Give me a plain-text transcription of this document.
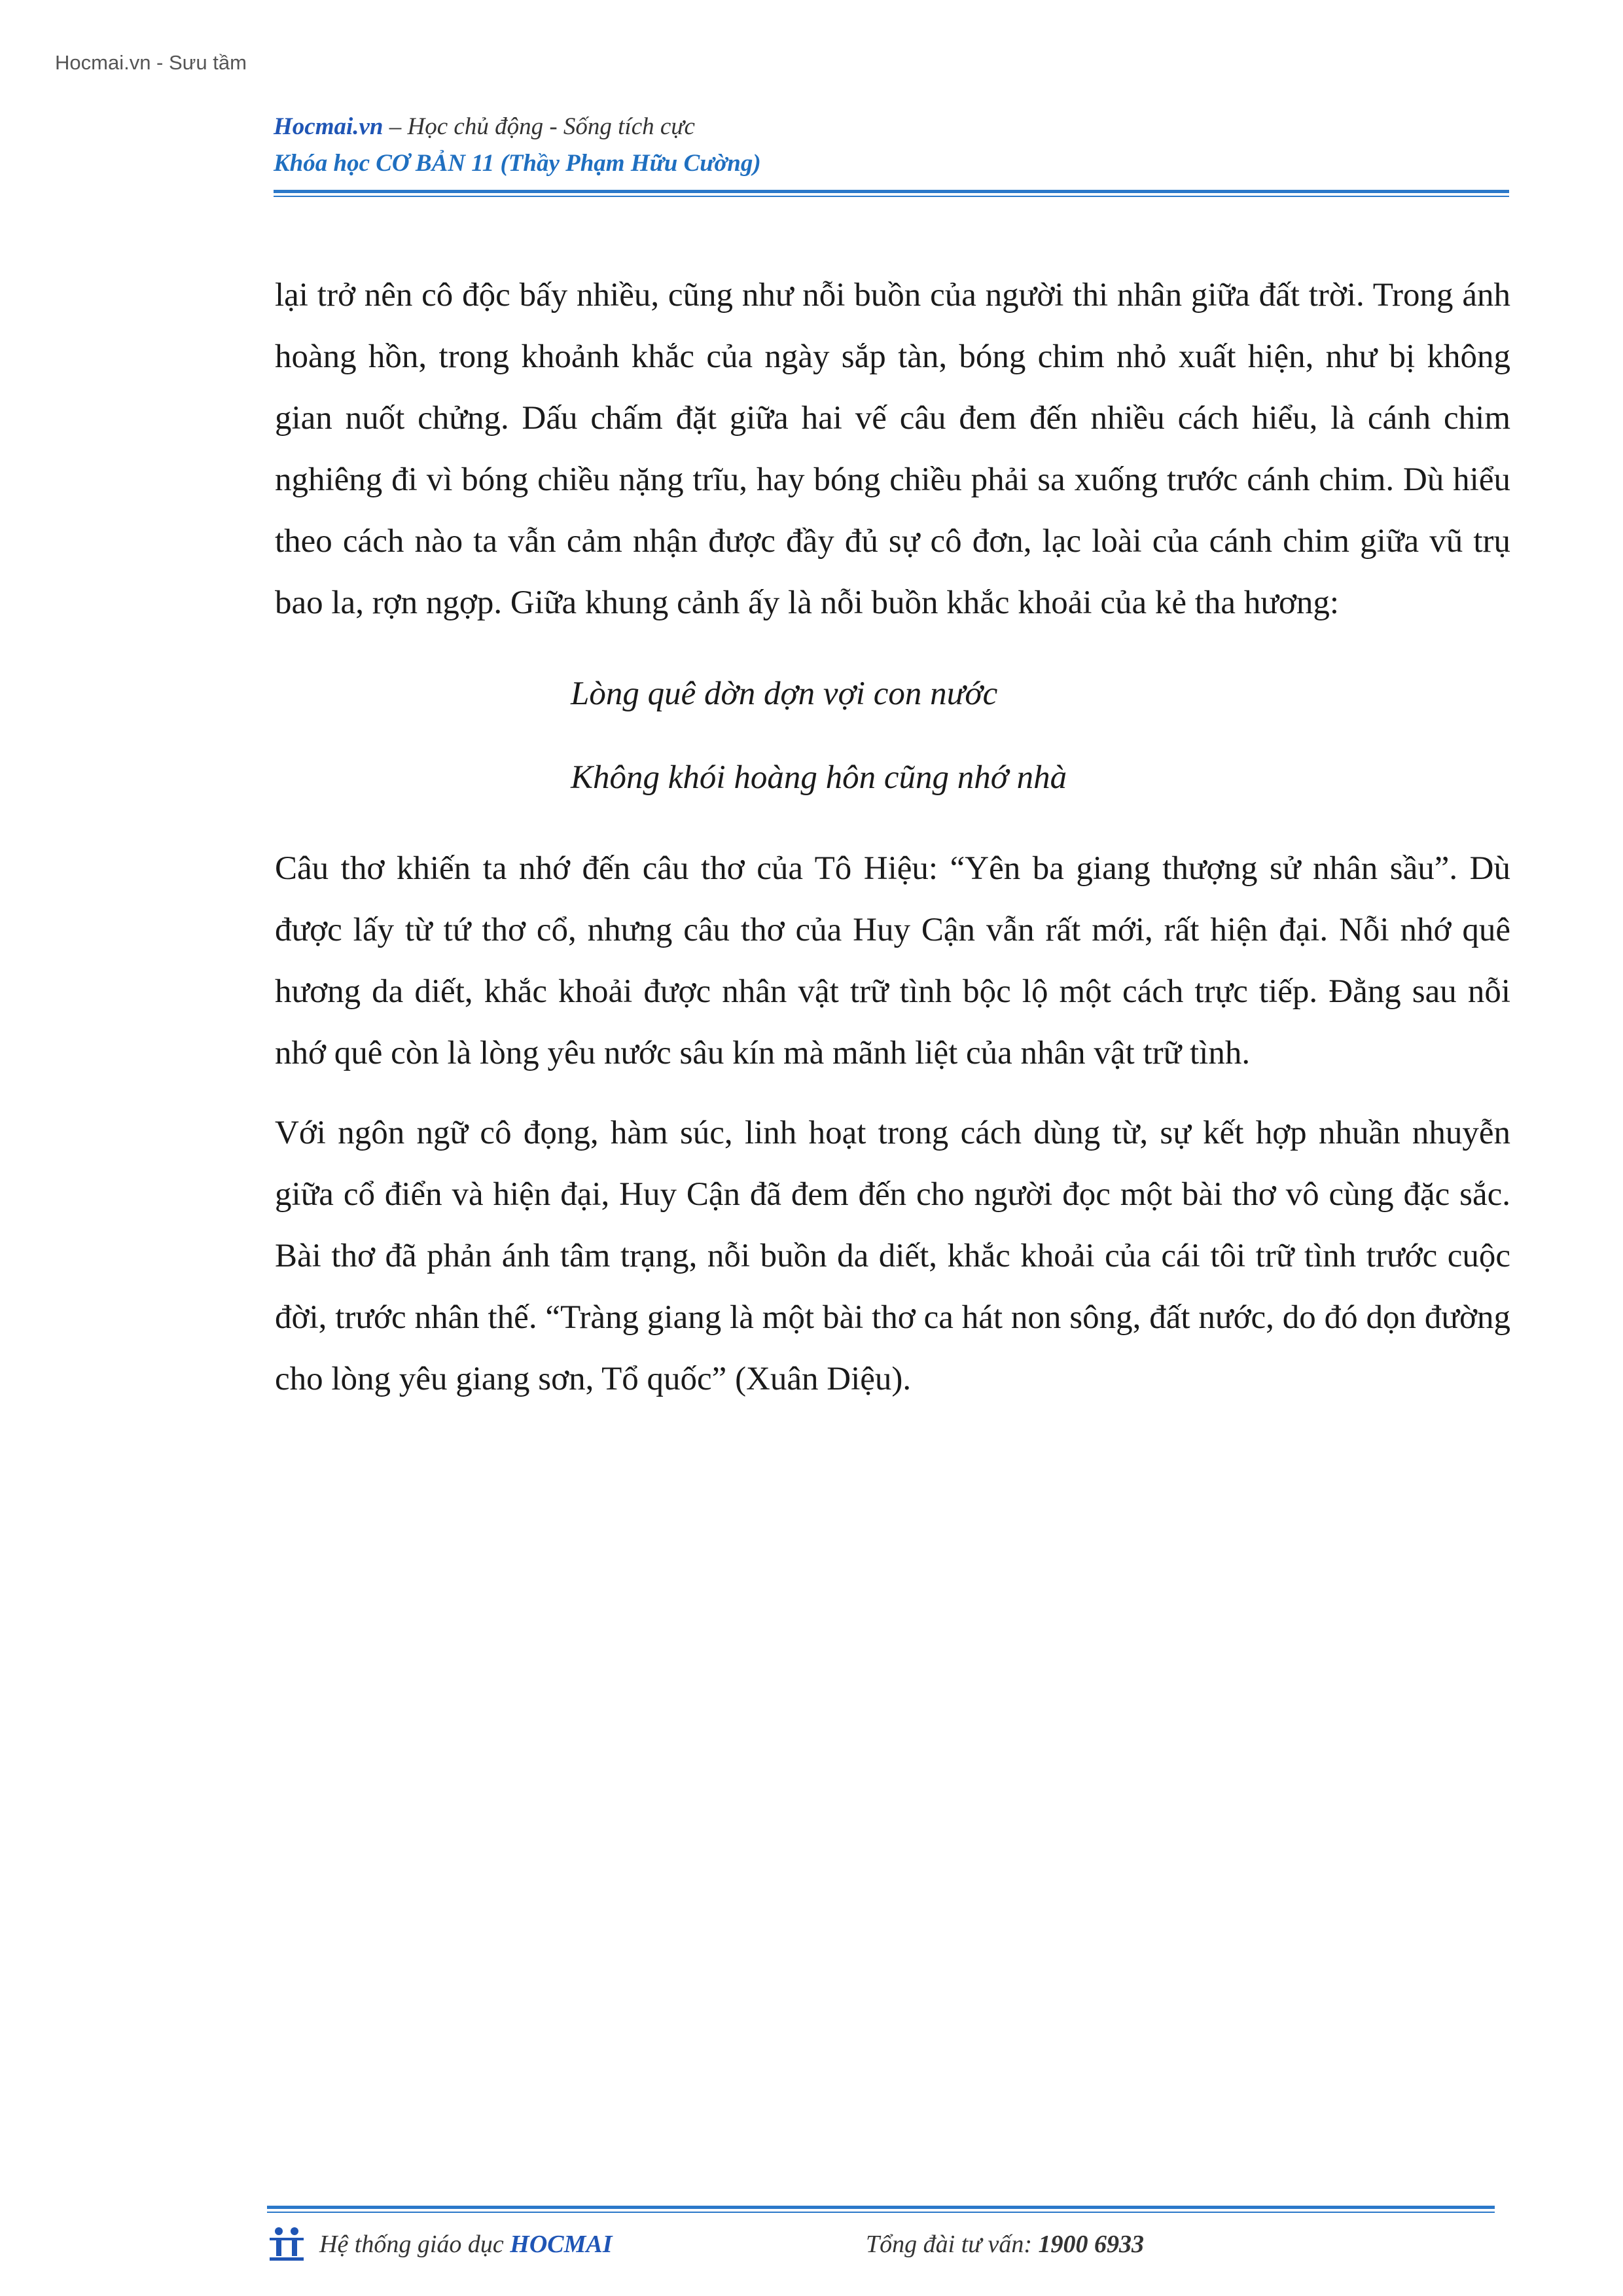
Hocmai.vn - Sưu tầm
Hocmai.vn – Học chủ động - Sống tích cực
Khóa học CƠ BẢN 11 (Thầy Phạm Hữu Cường)

lại trở nên cô độc bấy nhiều, cũng như nỗi buồn của người thi nhân giữa đất trời. Trong ánh hoàng hồn, trong khoảnh khắc của ngày sắp tàn, bóng chim nhỏ xuất hiện, như bị không gian nuốt chửng. Dấu chấm đặt giữa hai vế câu đem đến nhiều cách hiểu, là cánh chim nghiêng đi vì bóng chiều nặng trĩu, hay bóng chiều phải sa xuống trước cánh chim. Dù hiểu theo cách nào ta vẫn cảm nhận được đầy đủ sự cô đơn, lạc loài của cánh chim giữa vũ trụ bao la, rợn ngợp. Giữa khung cảnh ấy là nỗi buồn khắc khoải của kẻ tha hương:

Lòng quê dờn dợn vợi con nước
Không khói hoàng hôn cũng nhớ nhà

Câu thơ khiến ta nhớ đến câu thơ của Tô Hiệu: “Yên ba giang thượng sử nhân sầu”. Dù được lấy từ tứ thơ cổ, nhưng câu thơ của Huy Cận vẫn rất mới, rất hiện đại. Nỗi nhớ quê hương da diết, khắc khoải được nhân vật trữ tình bộc lộ một cách trực tiếp. Đằng sau nỗi nhớ quê còn là lòng yêu nước sâu kín mà mãnh liệt của nhân vật trữ tình.

Với ngôn ngữ cô đọng, hàm súc, linh hoạt trong cách dùng từ, sự kết hợp nhuần nhuyễn giữa cổ điển và hiện đại, Huy Cận đã đem đến cho người đọc một bài thơ vô cùng đặc sắc. Bài thơ đã phản ánh tâm trạng, nỗi buồn da diết, khắc khoải của cái tôi trữ tình trước cuộc đời, trước nhân thế. “Tràng giang là một bài thơ ca hát non sông, đất nước, do đó dọn đường cho lòng yêu giang sơn, Tổ quốc” (Xuân Diệu).

Hệ thống giáo dục HOCMAI	Tổng đài tư vấn: 1900 6933
